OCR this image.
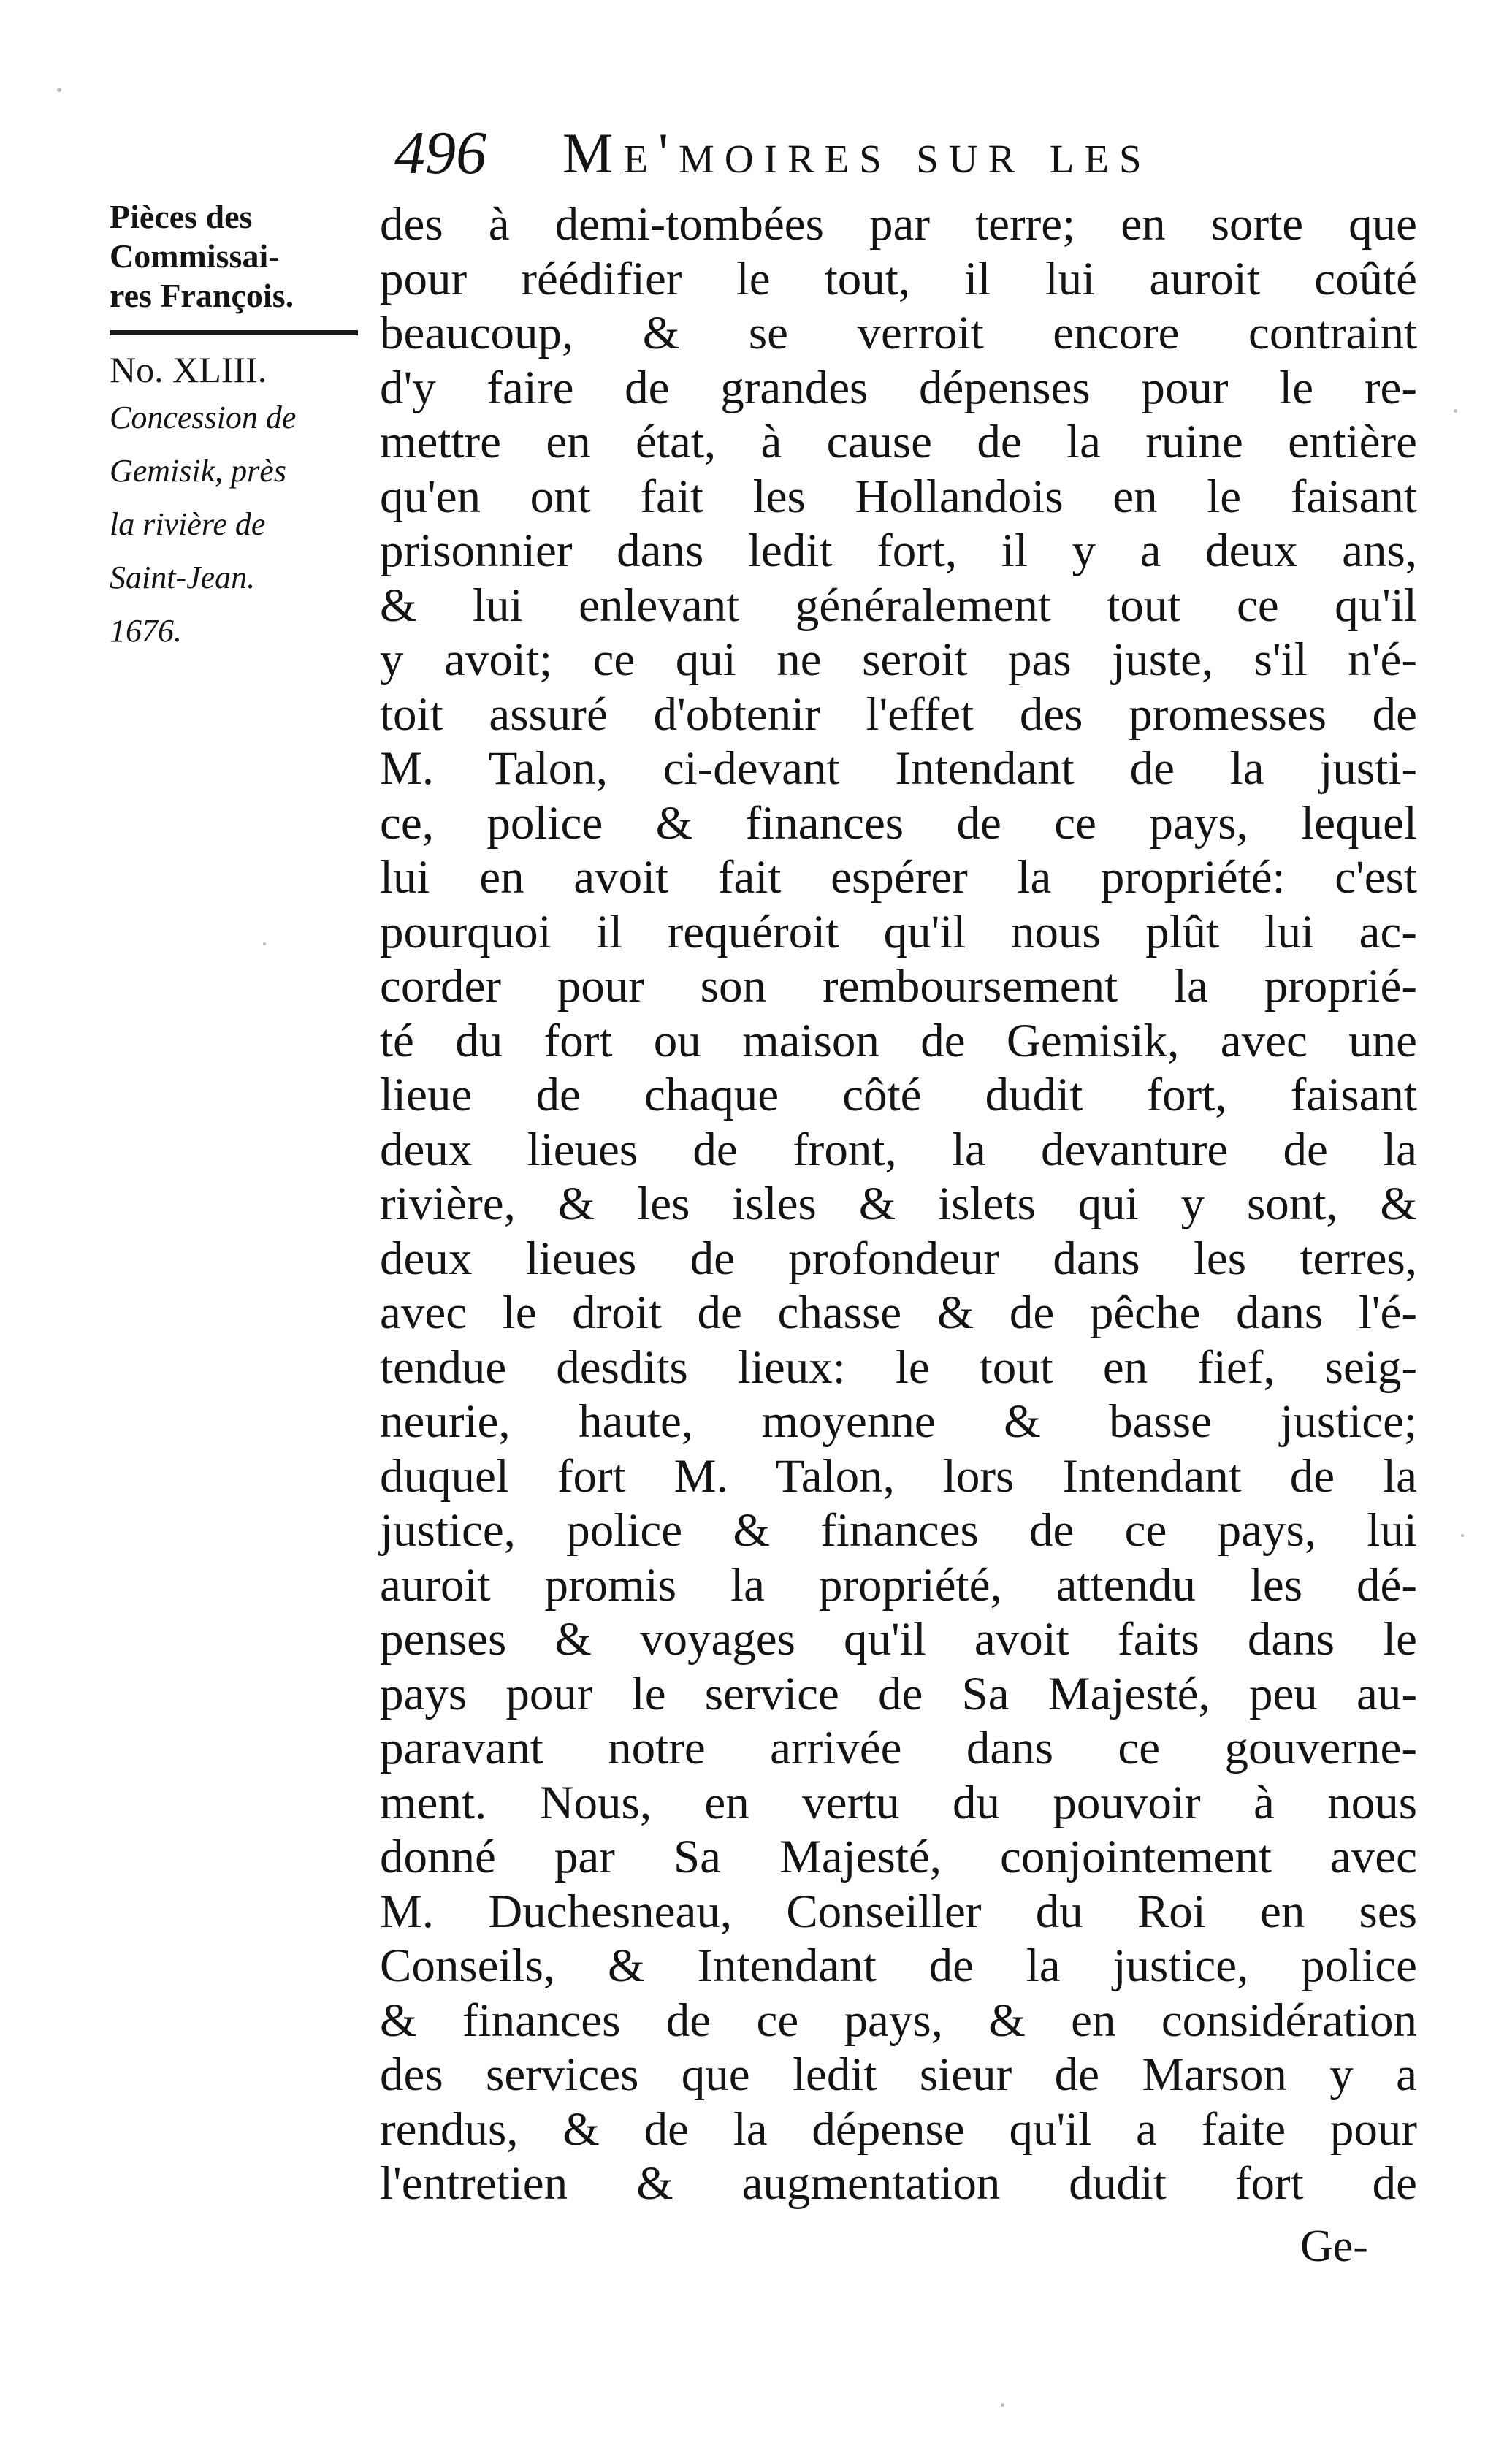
496 Me'moires sur les
Pièces des
Commissai-
res François.
No. XLIII.
Concession de
Gemisik, près
la rivière de
Saint-Jean.
1676.
des à demi-tombées par terre; en sorte que
pour réédifier le tout, il lui auroit coûté
beaucoup, & se verroit encore contraint
d'y faire de grandes dépenses pour le re-
mettre en état, à cause de la ruine entière
qu'en ont fait les Hollandois en le faisant
prisonnier dans ledit fort, il y a deux ans,
& lui enlevant généralement tout ce qu'il
y avoit; ce qui ne seroit pas juste, s'il n'é-
toit assuré d'obtenir l'effet des promesses de
M. Talon, ci-devant Intendant de la justi-
ce, police & finances de ce pays, lequel
lui en avoit fait espérer la propriété: c'est
pourquoi il requéroit qu'il nous plût lui ac-
corder pour son remboursement la proprié-
té du fort ou maison de Gemisik, avec une
lieue de chaque côté dudit fort, faisant
deux lieues de front, la devanture de la
rivière, & les isles & islets qui y sont, &
deux lieues de profondeur dans les terres,
avec le droit de chasse & de pêche dans l'é-
tendue desdits lieux: le tout en fief, seig-
neurie, haute, moyenne & basse justice;
duquel fort M. Talon, lors Intendant de la
justice, police & finances de ce pays, lui
auroit promis la propriété, attendu les dé-
penses & voyages qu'il avoit faits dans le
pays pour le service de Sa Majesté, peu au-
paravant notre arrivée dans ce gouverne-
ment. Nous, en vertu du pouvoir à nous
donné par Sa Majesté, conjointement avec
M. Duchesneau, Conseiller du Roi en ses
Conseils, & Intendant de la justice, police
& finances de ce pays, & en considération
des services que ledit sieur de Marson y a
rendus, & de la dépense qu'il a faite pour
l'entretien & augmentation dudit fort de
Ge-
